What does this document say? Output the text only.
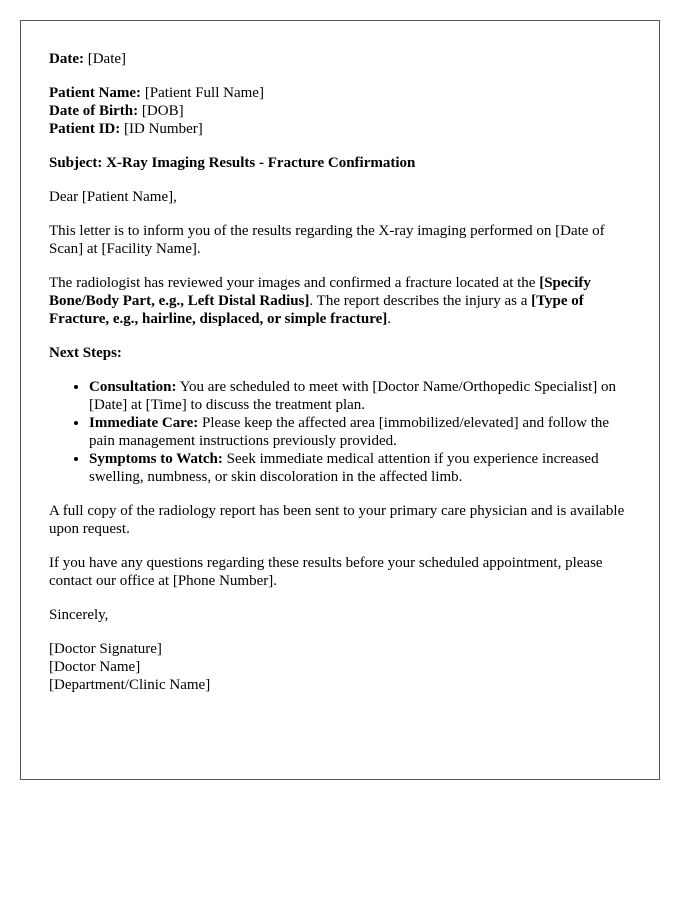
Date: [Date]

Patient Name: [Patient Full Name]
Date of Birth: [DOB]
Patient ID: [ID Number]

Subject: X-Ray Imaging Results - Fracture Confirmation

Dear [Patient Name],

This letter is to inform you of the results regarding the X-ray imaging performed on [Date of Scan] at [Facility Name].

The radiologist has reviewed your images and confirmed a fracture located at the [Specify Bone/Body Part, e.g., Left Distal Radius]. The report describes the injury as a [Type of Fracture, e.g., hairline, displaced, or simple fracture].

Next Steps:

• Consultation: You are scheduled to meet with [Doctor Name/Orthopedic Specialist] on [Date] at [Time] to discuss the treatment plan.
• Immediate Care: Please keep the affected area [immobilized/elevated] and follow the pain management instructions previously provided.
• Symptoms to Watch: Seek immediate medical attention if you experience increased swelling, numbness, or skin discoloration in the affected limb.

A full copy of the radiology report has been sent to your primary care physician and is available upon request.

If you have any questions regarding these results before your scheduled appointment, please contact our office at [Phone Number].

Sincerely,

[Doctor Signature]
[Doctor Name]
[Department/Clinic Name]
